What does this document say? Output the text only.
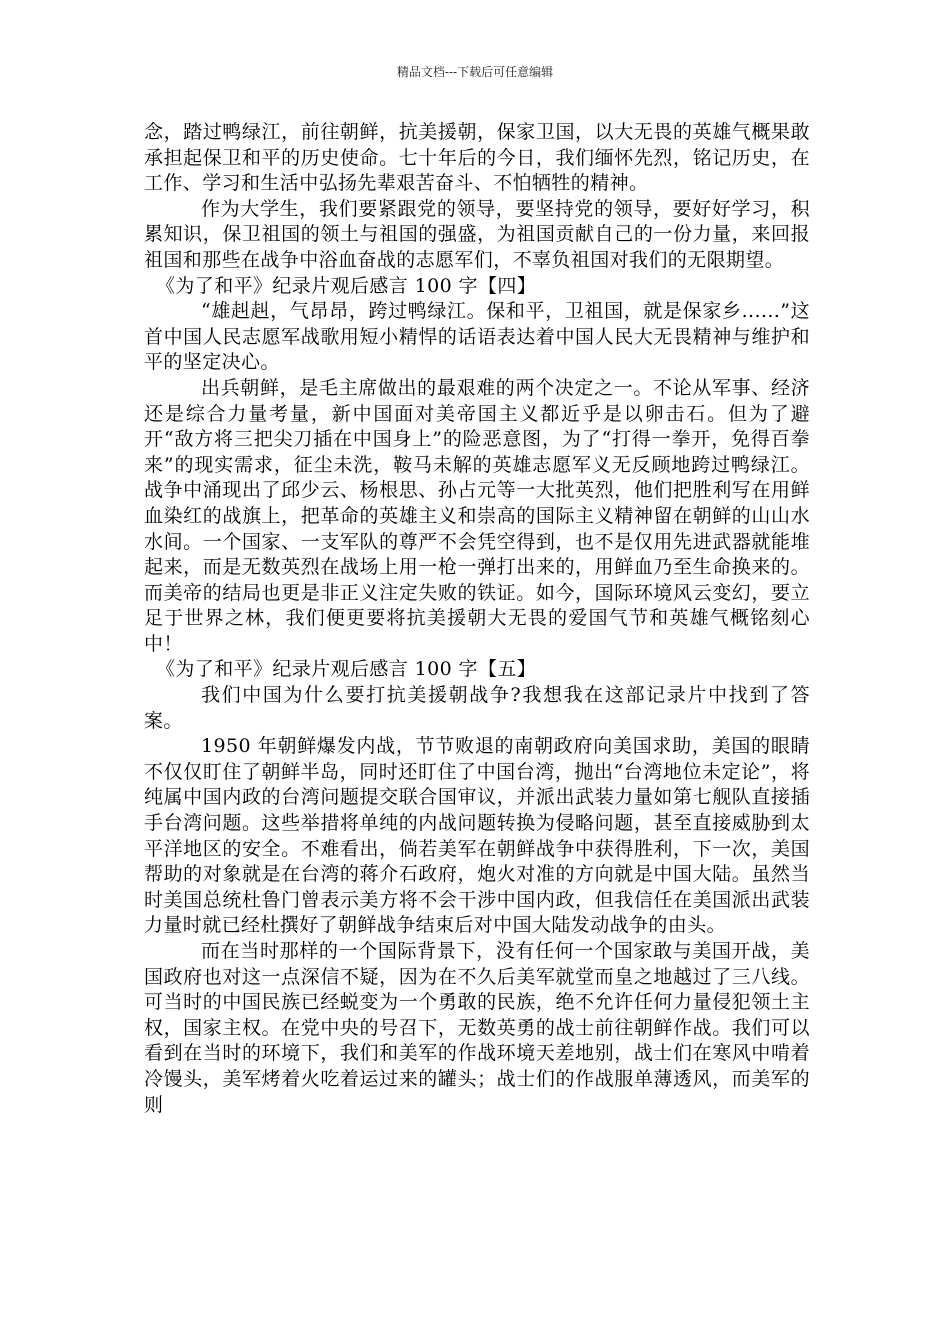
精品文档---下载后可任意编辑

念，踏过鸭绿江，前往朝鲜，抗美援朝，保家卫国，以大无畏的英雄气概果敢承担起保卫和平的历史使命。七十年后的今日，我们缅怀先烈，铭记历史，在工作、学习和生活中弘扬先辈艰苦奋斗、不怕牺牲的精神。

作为大学生，我们要紧跟党的领导，要坚持党的领导，要好好学习，积累知识，保卫祖国的领土与祖国的强盛，为祖国贡献自己的一份力量，来回报祖国和那些在战争中浴血奋战的志愿军们，不辜负祖国对我们的无限期望。

《为了和平》纪录片观后感言 100 字【四】

“雄赳赳，气昂昂，跨过鸭绿江。保和平，卫祖国，就是保家乡......”这首中国人民志愿军战歌用短小精悍的话语表达着中国人民大无畏精神与维护和平的坚定决心。

出兵朝鲜，是毛主席做出的最艰难的两个决定之一。不论从军事、经济还是综合力量考量，新中国面对美帝国主义都近乎是以卵击石。但为了避开“敌方将三把尖刀插在中国身上”的险恶意图，为了“打得一拳开，免得百拳来”的现实需求，征尘未洗，鞍马未解的英雄志愿军义无反顾地跨过鸭绿江。战争中涌现出了邱少云、杨根思、孙占元等一大批英烈，他们把胜利写在用鲜血染红的战旗上，把革命的英雄主义和崇高的国际主义精神留在朝鲜的山山水水间。一个国家、一支军队的尊严不会凭空得到，也不是仅用先进武器就能堆起来，而是无数英烈在战场上用一枪一弹打出来的，用鲜血乃至生命换来的。而美帝的结局也更是非正义注定失败的铁证。如今，国际环境风云变幻，要立足于世界之林，我们便更要将抗美援朝大无畏的爱国气节和英雄气概铭刻心中！

《为了和平》纪录片观后感言 100 字【五】

我们中国为什么要打抗美援朝战争?我想我在这部记录片中找到了答案。

1950 年朝鲜爆发内战，节节败退的南朝政府向美国求助，美国的眼睛不仅仅盯住了朝鲜半岛，同时还盯住了中国台湾，抛出“台湾地位未定论”，将纯属中国内政的台湾问题提交联合国审议，并派出武装力量如第七舰队直接插手台湾问题。这些举措将单纯的内战问题转换为侵略问题，甚至直接威胁到太平洋地区的安全。不难看出，倘若美军在朝鲜战争中获得胜利，下一次，美国帮助的对象就是在台湾的蒋介石政府，炮火对准的方向就是中国大陆。虽然当时美国总统杜鲁门曾表示美方将不会干涉中国内政，但我信任在美国派出武装力量时就已经杜撰好了朝鲜战争结束后对中国大陆发动战争的由头。

而在当时那样的一个国际背景下，没有任何一个国家敢与美国开战，美国政府也对这一点深信不疑，因为在不久后美军就堂而皇之地越过了三八线。可当时的中国民族已经蜕变为一个勇敢的民族，绝不允许任何力量侵犯领土主权，国家主权。在党中央的号召下，无数英勇的战士前往朝鲜作战。我们可以看到在当时的环境下，我们和美军的作战环境天差地别，战士们在寒风中啃着冷馒头，美军烤着火吃着运过来的罐头；战士们的作战服单薄透风，而美军的则
